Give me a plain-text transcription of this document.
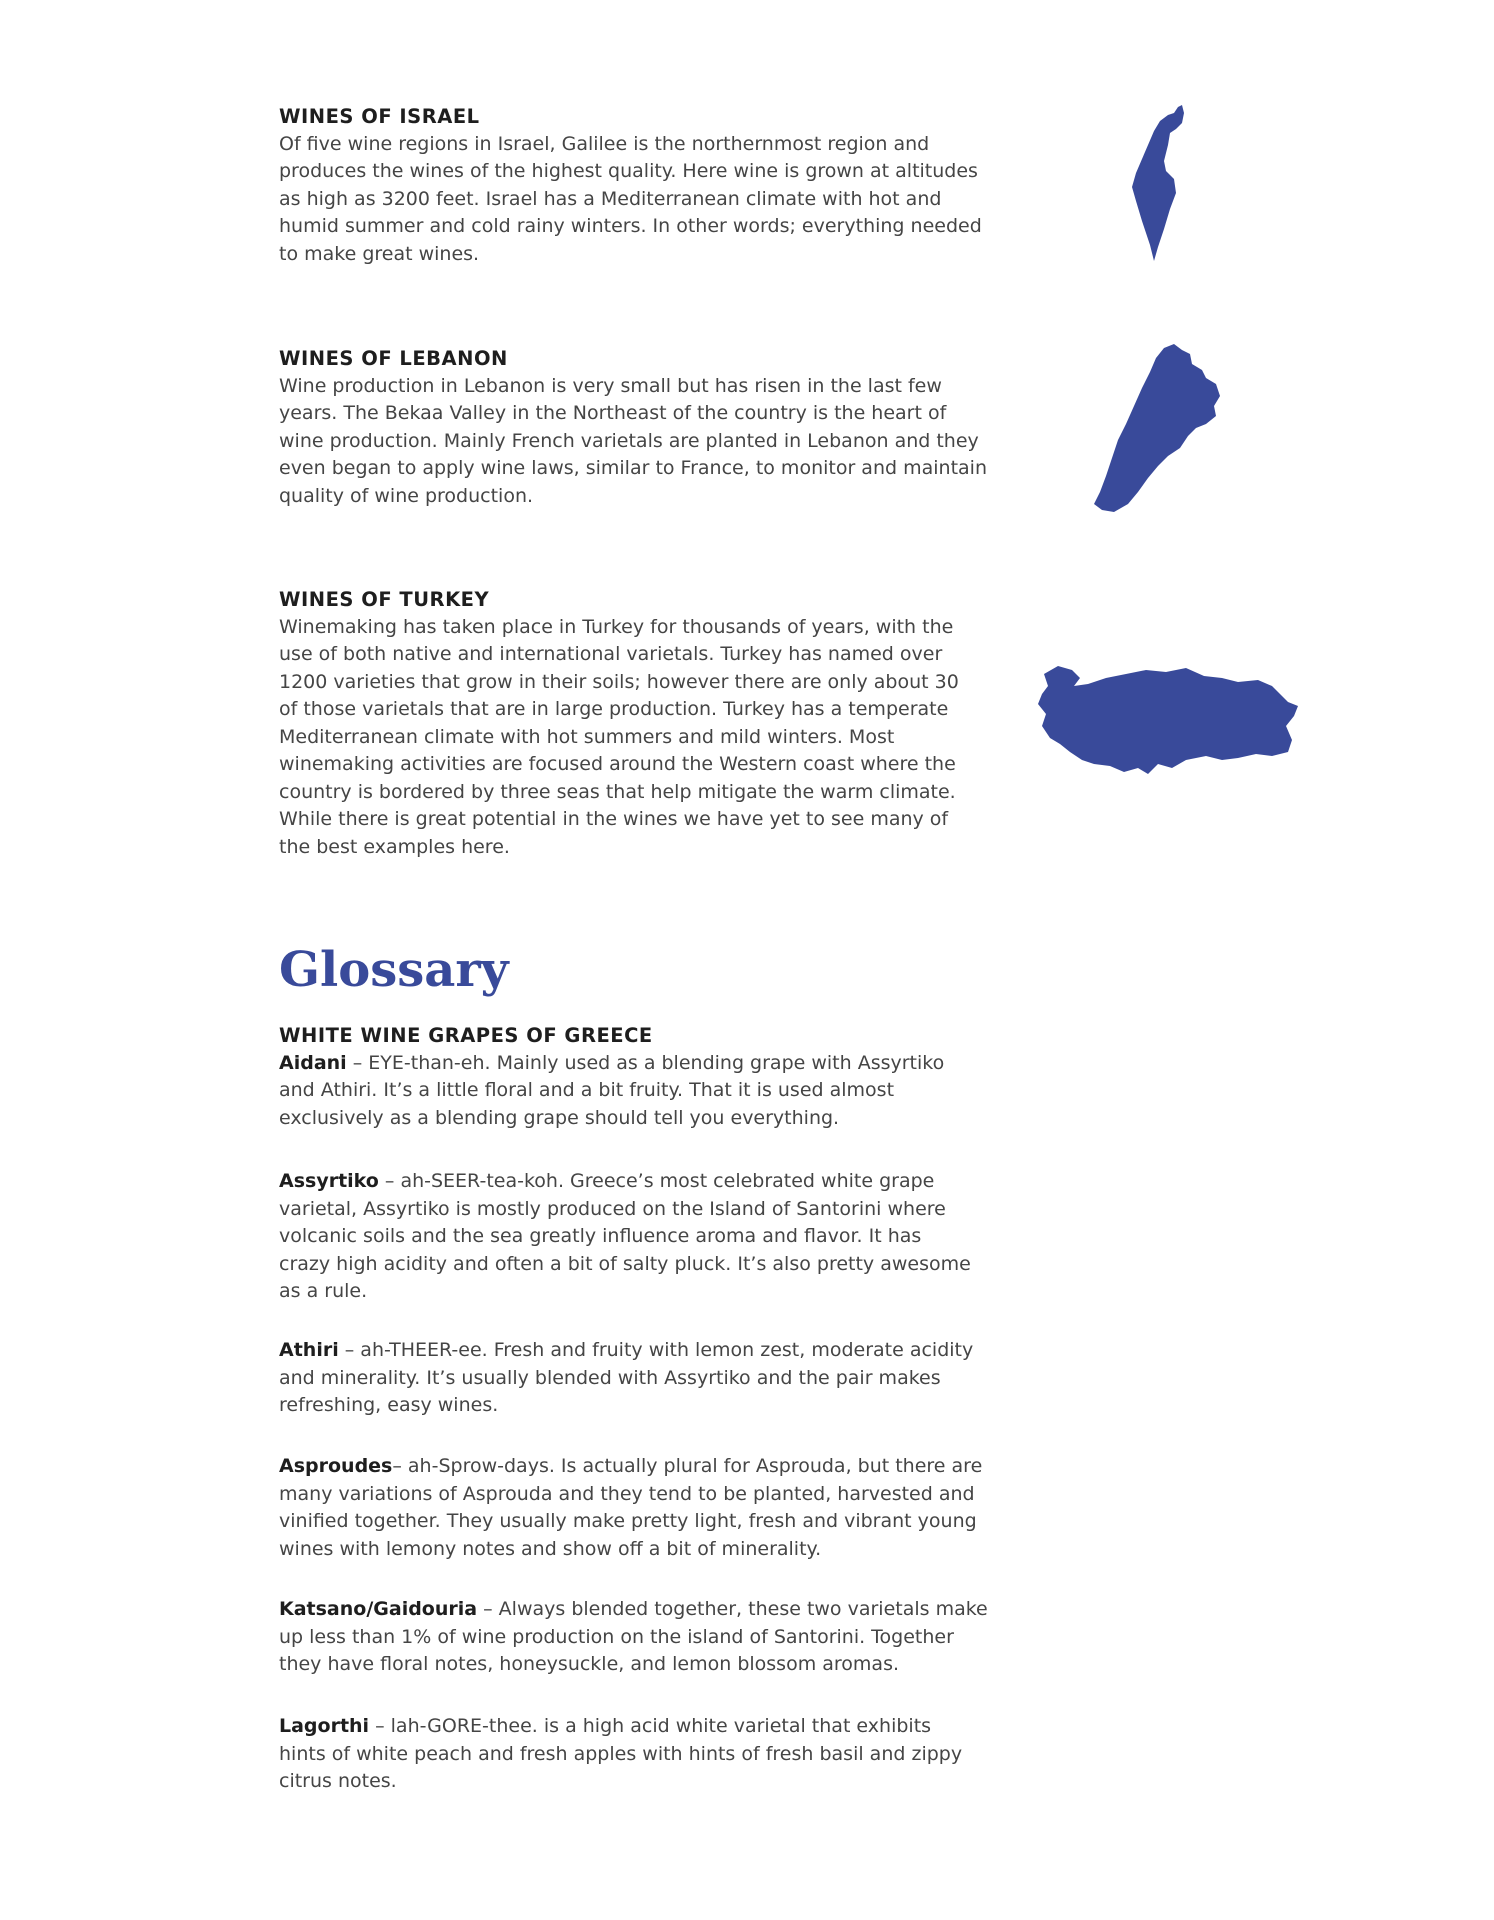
WINES OF ISRAEL

Of five wine regions in Israel, Galilee is the northernmost region and
produces the wines of the highest quality. Here wine is grown at altitudes
as high as 3200 feet. Israel has a Mediterranean climate with hot and
humid summer and cold rainy winters. In other words; everything needed
to make great wines.

WINES OF LEBANON

Wine production in Lebanon is very small but has risen in the last few
years. The Bekaa Valley in the Northeast of the country is the heart of
wine production. Mainly French varietals are planted in Lebanon and they
even began to apply wine laws, similar to France, to monitor and maintain
quality of wine production.

WINES OF TURKEY

Winemaking has taken place in Turkey for thousands of years, with the
use of both native and international varietals. Turkey has named over
1200 varieties that grow in their soils; however there are only about 30
of those varietals that are in large production. Turkey has a temperate
Mediterranean climate with hot summers and mild winters. Most
winemaking activities are focused around the Western coast where the
country is bordered by three seas that help mitigate the warm climate.
While there is great potential in the wines we have yet to see many of
the best examples here.

Glossary
WHITE WINE GRAPES OF GREECE

Aidani – EYE-than-eh. Mainly used as a blending grape with Assyrtiko
and Athiri. It’s a little floral and a bit fruity. That it is used almost
exclusively as a blending grape should tell you everything.

Assyrtiko – ah-SEER-tea-koh. Greece’s most celebrated white grape
varietal, Assyrtiko is mostly produced on the Island of Santorini where
volcanic soils and the sea greatly influence aroma and flavor. It has
crazy high acidity and often a bit of salty pluck. It’s also pretty awesome
as a rule.

Athiri – ah-THEER-ee. Fresh and fruity with lemon zest, moderate acidity
and minerality. It’s usually blended with Assyrtiko and the pair makes
refreshing, easy wines.

Asproudes– ah-Sprow-days. Is actually plural for Asprouda, but there are
many variations of Asprouda and they tend to be planted, harvested and
vinified together. They usually make pretty light, fresh and vibrant young
wines with lemony notes and show off a bit of minerality.

Katsano/Gaidouria – Always blended together, these two varietals make
up less than 1% of wine production on the island of Santorini. Together
they have floral notes, honeysuckle, and lemon blossom aromas.

Lagorthi – lah-GORE-thee. is a high acid white varietal that exhibits
hints of white peach and fresh apples with hints of fresh basil and zippy
citrus notes.
